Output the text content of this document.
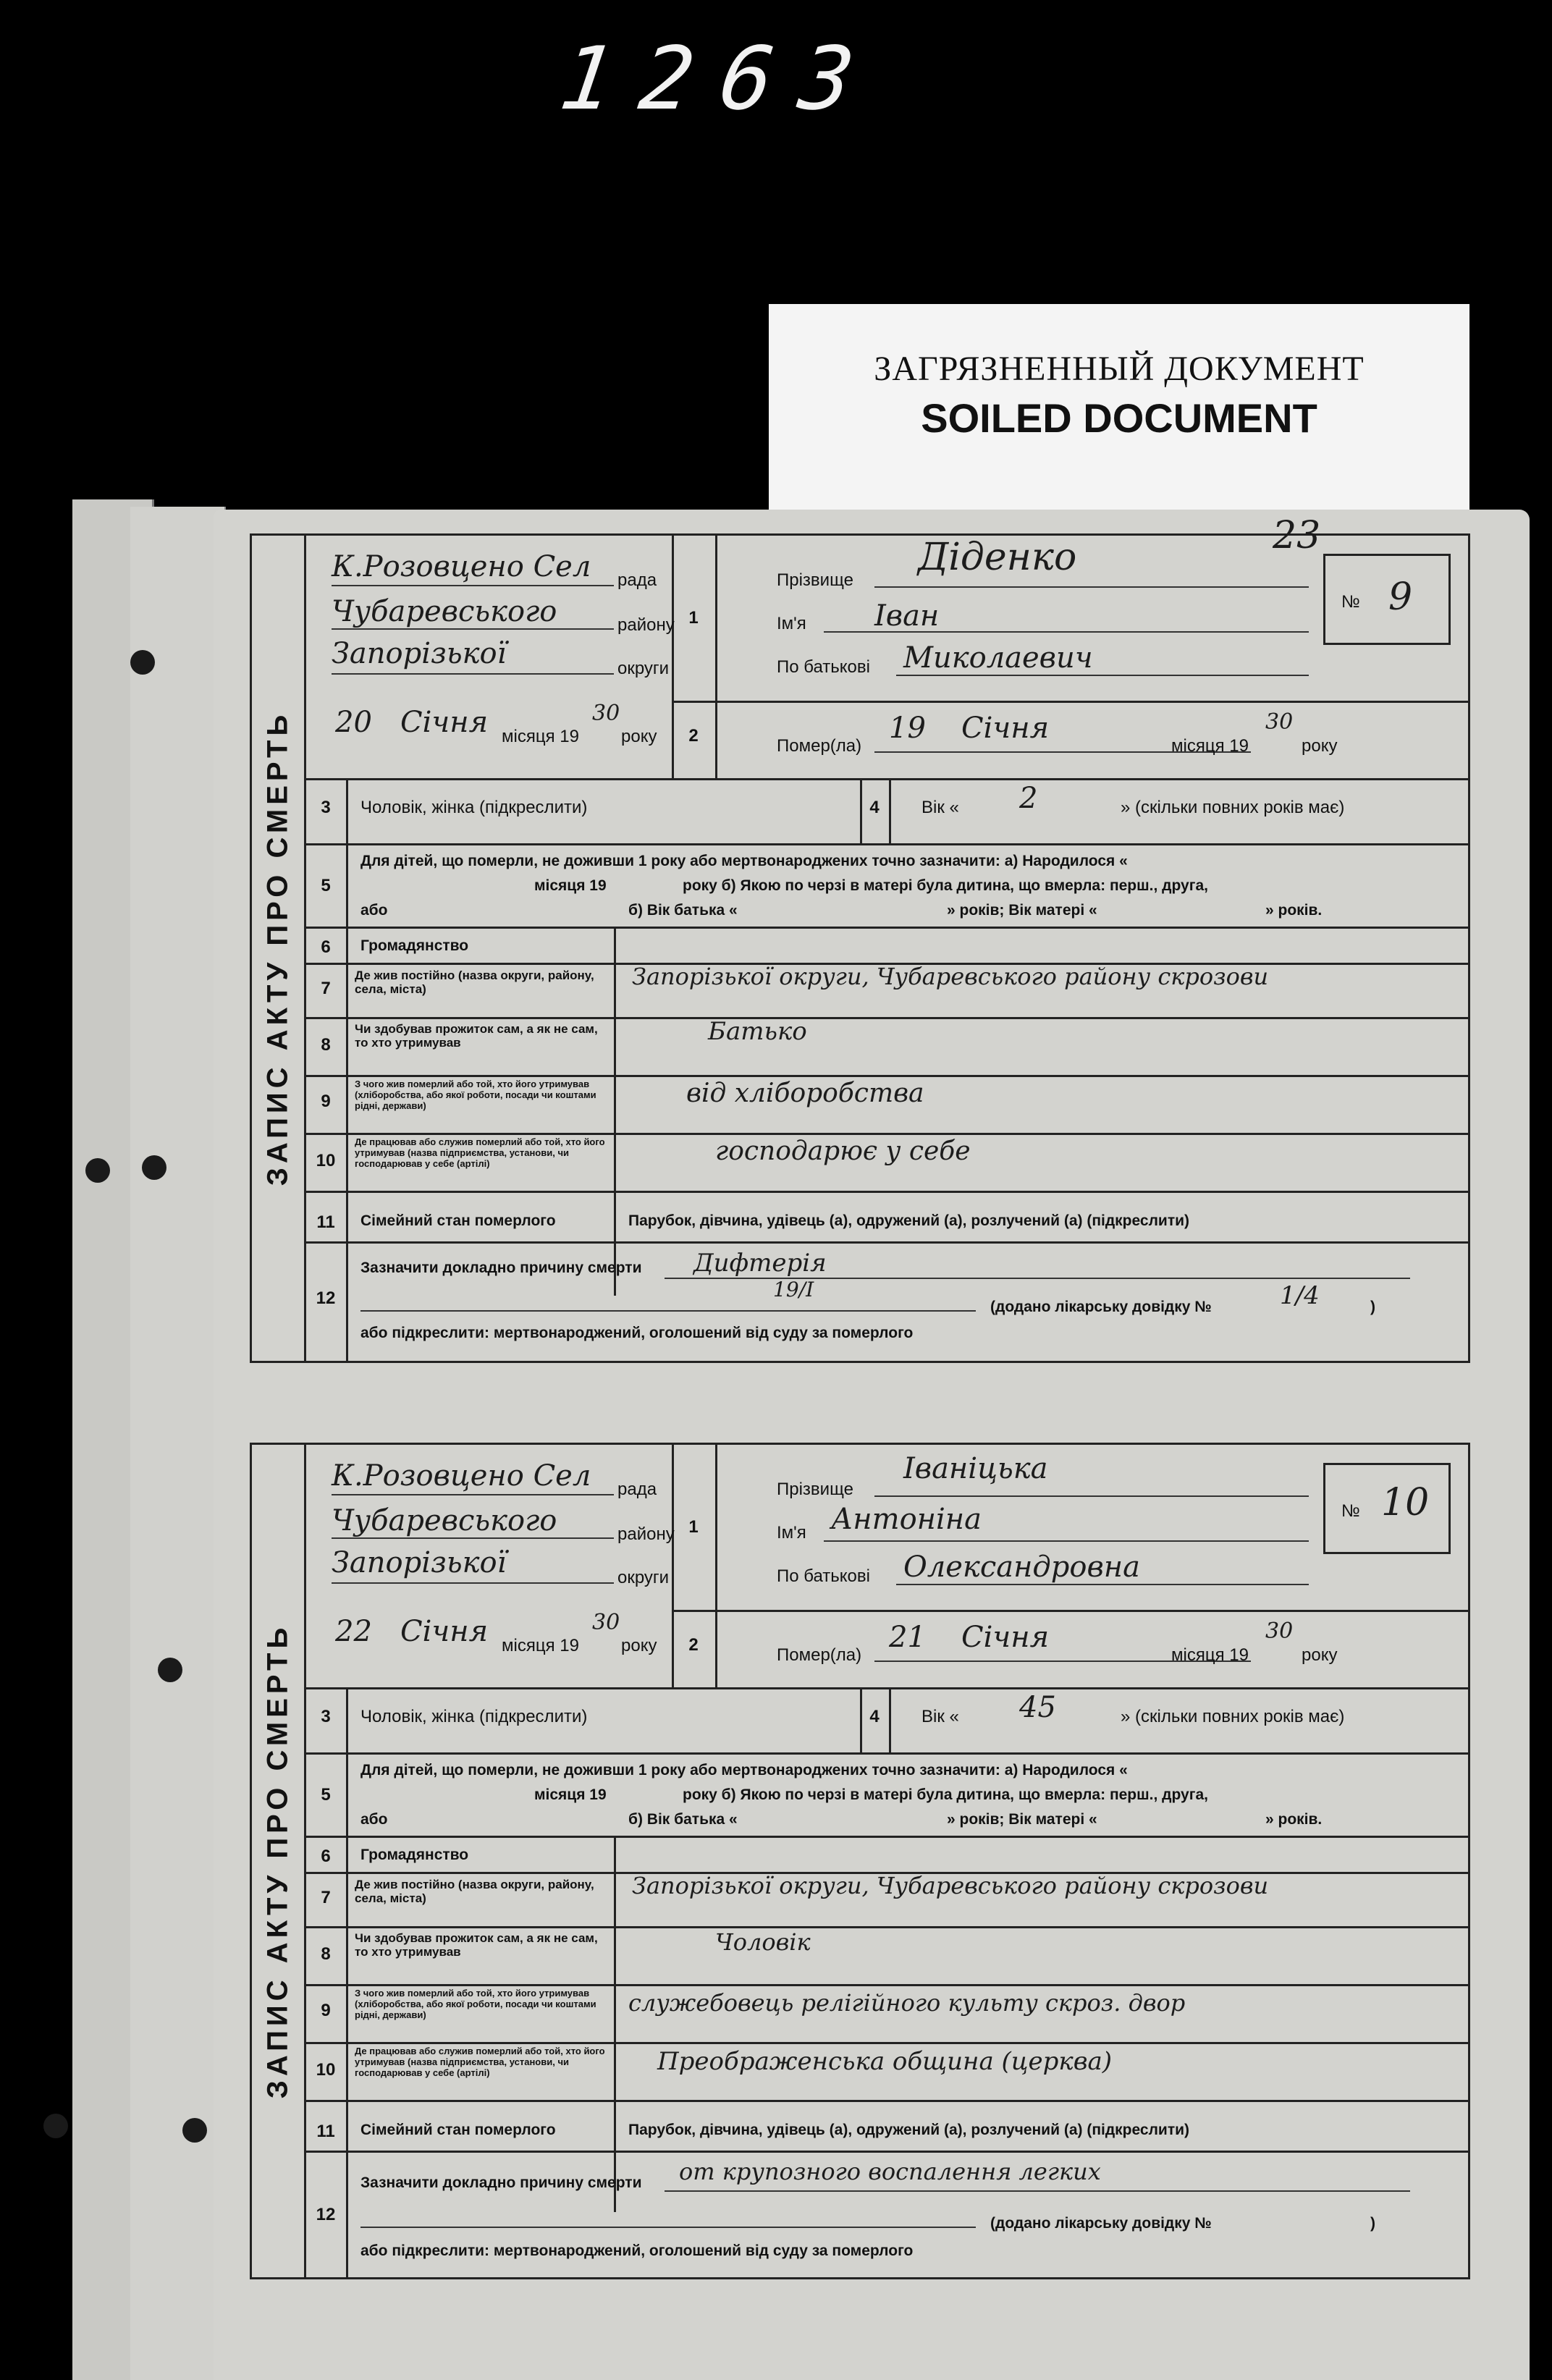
1263
ЗАГРЯЗНЕННЫЙ ДОКУМЕНТ
SOILED DOCUMENT
ЗАПИС АКТУ ПРО СМЕРТЬ
1
2
К.Розовцено Сел рада
Чубаревського	району
Запорізької	округи
20 Січня місяця 19
30
року
Прізвище
Діденко	23
Ім'я Іван
По батькові Миколаевич
№ 9
Помер(ла)
19 Січня
місяця 19
30
року
3	Чоловік, жінка (підкреслити)	4	Вік « 2	» (скільки повних років має)
5
Для дітей, що померли, не доживши 1 року або мертвонароджених точно зазначити: а) Народилося «
місяця 19	року б) Якою по черзі в матері була дитина, що вмерла: перш., друга,
або	б) Вік батька «	» років; Вік матері «	» років.
6	Громадянство
7
Де жив постійно (назва округи, району, села, міста)	Запорізької округи, Чубаревського району скрозови
8
Чи здобував прожиток сам, а як не сам, то хто утримував	Батько
9
З чого жив померлий або той, хто його утримував (хліборобства, або якої роботи, посади чи коштами рідні, держави)	від хліборобства
10
Де працював або служив померлий або той, хто його утримував (назва підприємства, установи, чи господарював у себе (артілі)	господарює у себе
11	Сімейний стан померлого	Парубок, дівчина, удівець (а), одружений (а), розлучений (а) (підкреслити)
12
Зазначити докладно причину смерти Дифтерія
19/I
(додано лікарську довідку №	1/4	)
або підкреслити: мертвонароджений, оголошений від суду за померлого
ЗАПИС АКТУ ПРО СМЕРТЬ
1
2
К.Розовцено Сел рада
Чубаревського	району
Запорізької	округи
22 Січня місяця 19
30
року
Прізвище
Іваніцька
Ім'я Антоніна
По батькові Олександровна
№ 10
Помер(ла)
21 Січня
місяця 19
30
року
3	Чоловік, жінка (підкреслити)	4	Вік « 45	» (скільки повних років має)
5
Для дітей, що померли, не доживши 1 року або мертвонароджених точно зазначити: а) Народилося «
місяця 19	року б) Якою по черзі в матері була дитина, що вмерла: перш., друга,
або	б) Вік батька «	» років; Вік матері «	» років.
6	Громадянство
7
Де жив постійно (назва округи, району, села, міста)	Запорізької округи, Чубаревського району скрозови
8
Чи здобував прожиток сам, а як не сам, то хто утримував	Чоловік
9
З чого жив померлий або той, хто його утримував (хліборобства, або якої роботи, посади чи коштами рідні, держави)	служебовець релігійного культу скроз. двор
10
Де працював або служив померлий або той, хто його утримував (назва підприємства, установи, чи господарював у себе (артілі)	Преображенська община (церква)
11	Сімейний стан померлого	Парубок, дівчина, удівець (а), одружений (а), розлучений (а) (підкреслити)
12
Зазначити докладно причину смерти от крупозного воспалення легких
(додано лікарську довідку №	)
або підкреслити: мертвонароджений, оголошений від суду за померлого
